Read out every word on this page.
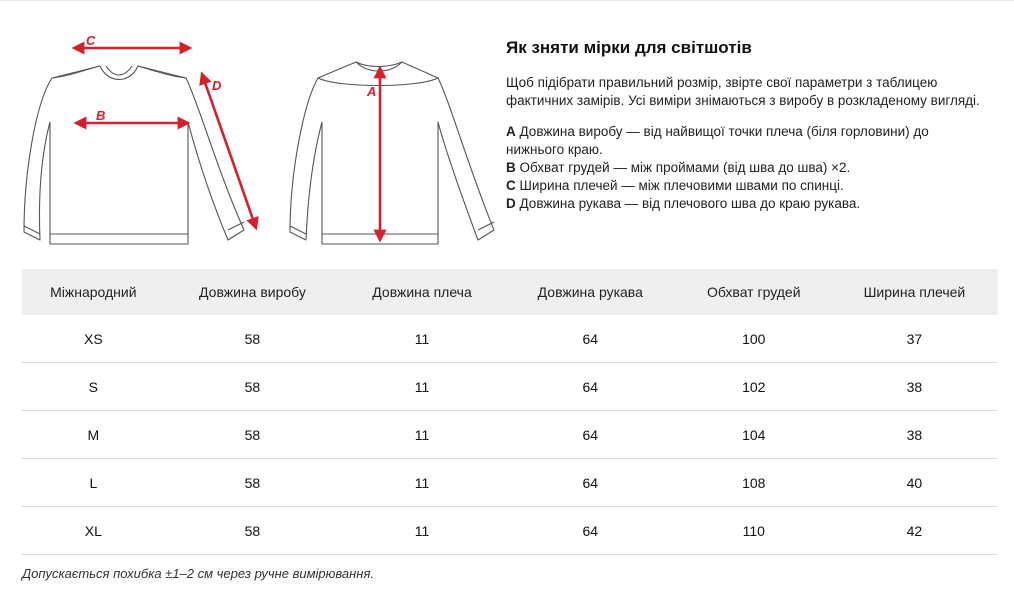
C
B
D	A
Як зняти мірки для світшотів

Щоб підібрати правильний розмір, звірте свої параметри з таблицею фактичних замірів. Усі виміри знімаються з виробу в розкладеному вигляді.

A Довжина виробу — від найвищої точки плеча (біля горловини) до нижнього краю.
B Обхват грудей — між проймами (від шва до шва) ×2.
C Ширина плечей — між плечовими швами по спинці.
D Довжина рукава — від плечового шва до краю рукава.
Міжнародний	Довжина виробу	Довжина плеча	Довжина рукава	Обхват грудей	Ширина плечей
XS	58	11	64	100	37
S	58	11	64	102	38
M	58	11	64	104	38
L	58	11	64	108	40
XL	58	11	64	110	42
Допускається похибка ±1–2 см через ручне вимірювання.
